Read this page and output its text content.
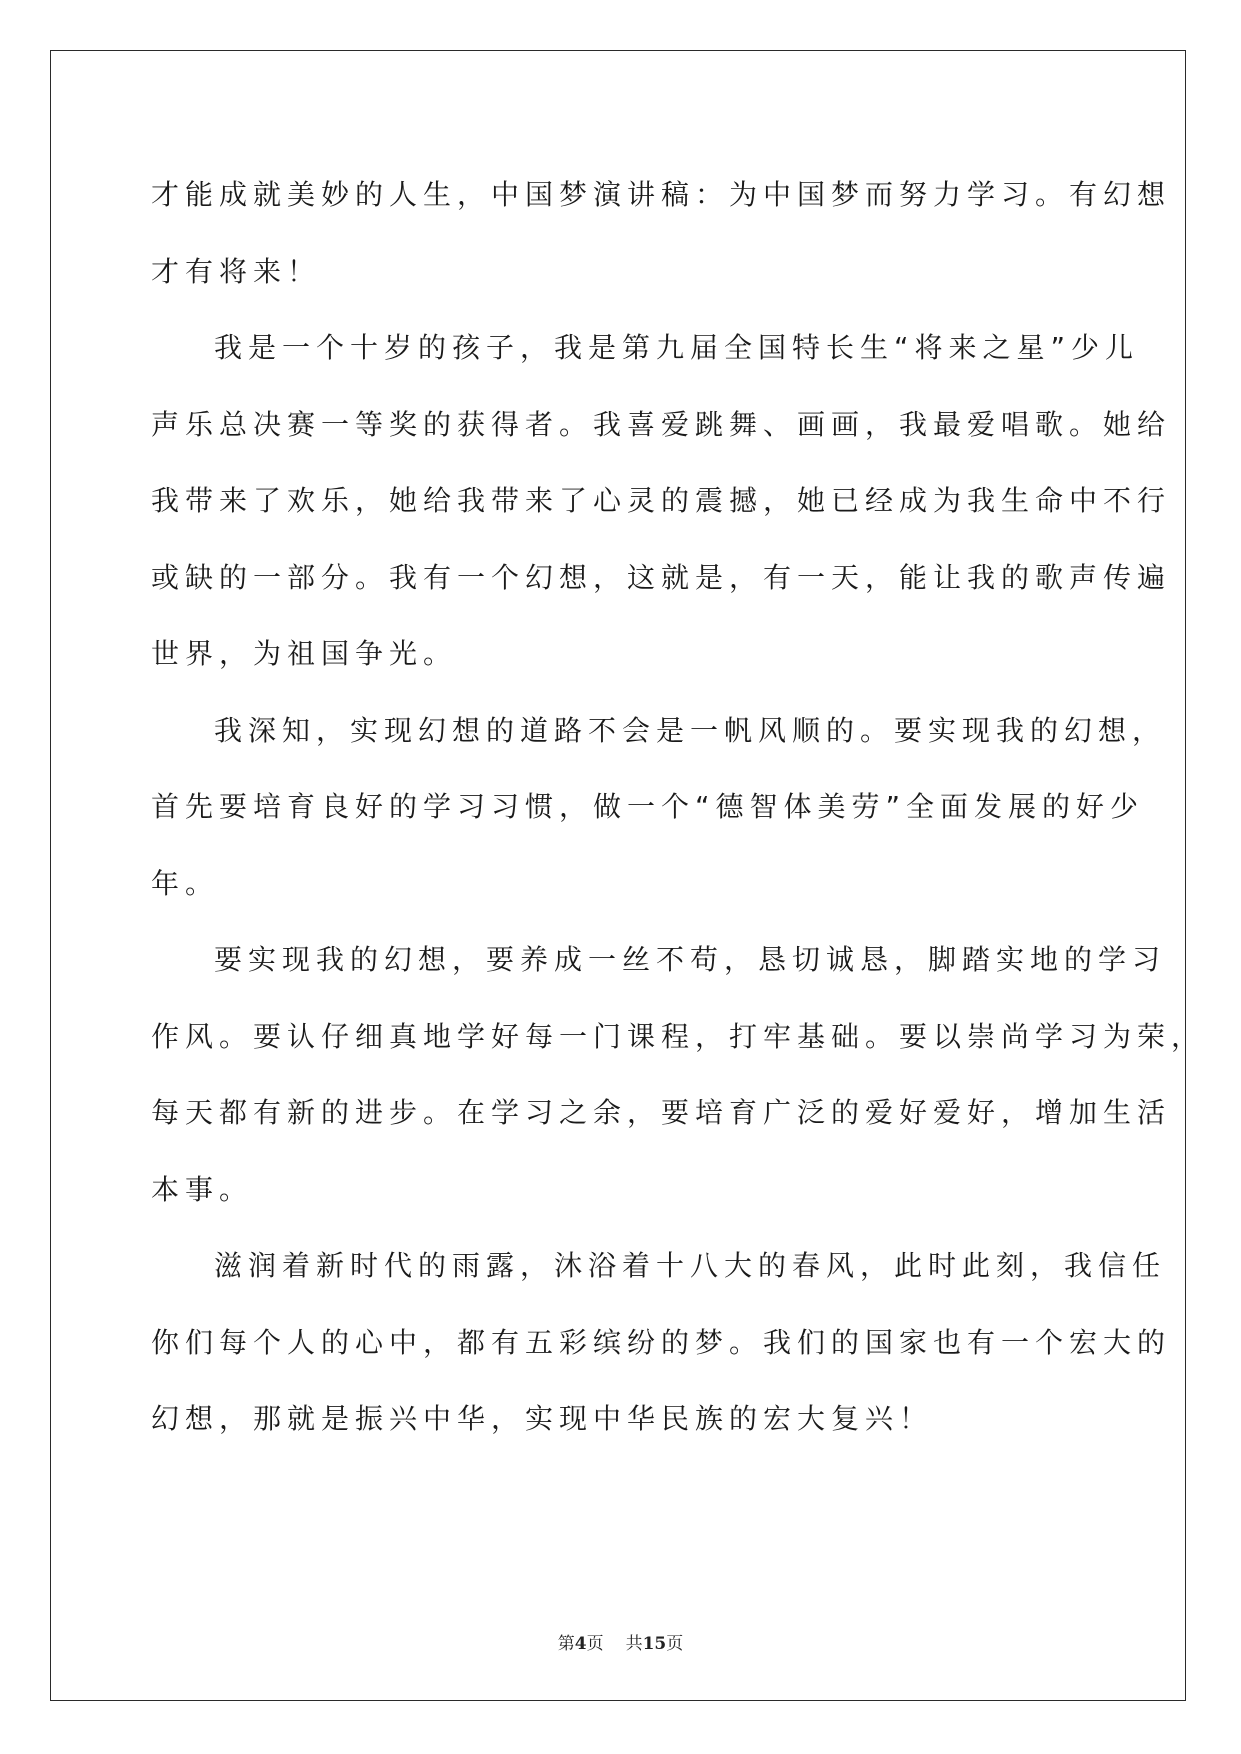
才能成就美妙的人生，中国梦演讲稿：为中国梦而努力学习。有幻想
才有将来！
我是一个十岁的孩子，我是第九届全国特长生“将来之星”少儿
声乐总决赛一等奖的获得者。我喜爱跳舞、画画，我最爱唱歌。她给
我带来了欢乐，她给我带来了心灵的震撼，她已经成为我生命中不行
或缺的一部分。我有一个幻想，这就是，有一天，能让我的歌声传遍
世界，为祖国争光。
我深知，实现幻想的道路不会是一帆风顺的。要实现我的幻想，
首先要培育良好的学习习惯，做一个“德智体美劳”全面发展的好少
年。
要实现我的幻想，要养成一丝不苟，恳切诚恳，脚踏实地的学习
作风。要认仔细真地学好每一门课程，打牢基础。要以崇尚学习为荣，
每天都有新的进步。在学习之余，要培育广泛的爱好爱好，增加生活
本事。
滋润着新时代的雨露，沐浴着十八大的春风，此时此刻，我信任
你们每个人的心中，都有五彩缤纷的梦。我们的国家也有一个宏大的
幻想，那就是振兴中华，实现中华民族的宏大复兴！
第4页 共15页
